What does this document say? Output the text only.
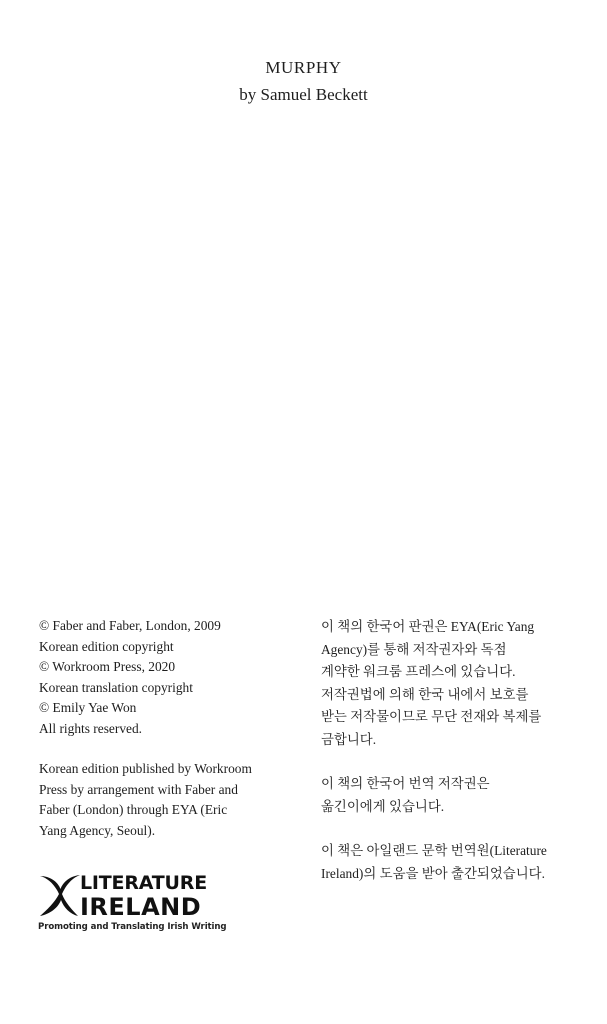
MURPHY
by Samuel Beckett
© Faber and Faber, London, 2009
Korean edition copyright
© Workroom Press, 2020
Korean translation copyright
© Emily Yae Won
All rights reserved.
Korean edition published by Workroom
Press by arrangement with Faber and
Faber (London) through EYA (Eric
Yang Agency, Seoul).
이 책의 한국어 판권은 EYA(Eric Yang
Agency)를 통해 저작권자와 독점
계약한 워크룸 프레스에 있습니다.
저작권법에 의해 한국 내에서 보호를
받는 저작물이므로 무단 전재와 복제를
금합니다.
이 책의 한국어 번역 저작권은
옮긴이에게 있습니다.
이 책은 아일랜드 문학 번역원(Literature
Ireland)의 도움을 받아 출간되었습니다.
LITERATURE
IRELAND
Promoting and Translating Irish Writing
